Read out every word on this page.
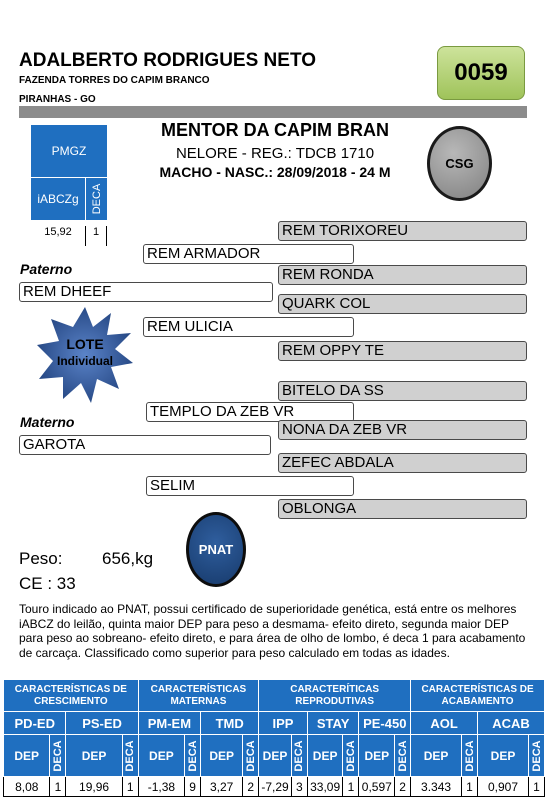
ADALBERTO RODRIGUES NETO
FAZENDA TORRES DO CAPIM BRANCO
PIRANHAS - GO
0059
PMGZ
iABCZg	DECA
15,92	1
MENTOR DA CAPIM BRAN
NELORE - REG.: TDCB 1710
MACHO - NASC.: 28/09/2018 - 24 M
CSG
REM TORIXOREU
REM ARMADOR
Paterno	REM RONDA
REM DHEEF
QUARK COL
REM ULICIA
REM OPPY TE
BITELO DA SS
TEMPLO DA ZEB VR
Materno	NONA DA ZEB VR
GAROTA
ZEFEC ABDALA
SELIM
OBLONGA
LOTE
Individual
PNAT
Peso: 656,kg
CE : 33
Touro indicado ao PNAT, possui certificado de superioridade genética, está entre os melhores iABCZ do leilão, quinta maior DEP para peso a desmama- efeito direto, segunda maior DEP para peso ao sobreano- efeito direto, e para área de olho de lombo, é deca 1 para acabamento de carcaça. Classificado como superior para peso calculado em todas as idades.
CARACTERÍSTICAS DE CRESCIMENTO				CARACTERÍSTICAS MATERNAS				CARACTERÍTICAS REPRODUTIVAS						CARACTERÍSTICAS DE ACABAMENTO			
PD-ED		PS-ED		PM-EM		TMD		IPP		STAY		PE-450		AOL		ACAB	
DEP	DECA	DEP	DECA	DEP	DECA	DEP	DECA	DEP	DECA	DEP	DECA	DEP	DECA	DEP	DECA	DEP	DECA

8,08	1	19,96	1	-1,38	9	3,27	2	-7,29	3	33,09	1	0,597	2	3.343	1	0,907	1
